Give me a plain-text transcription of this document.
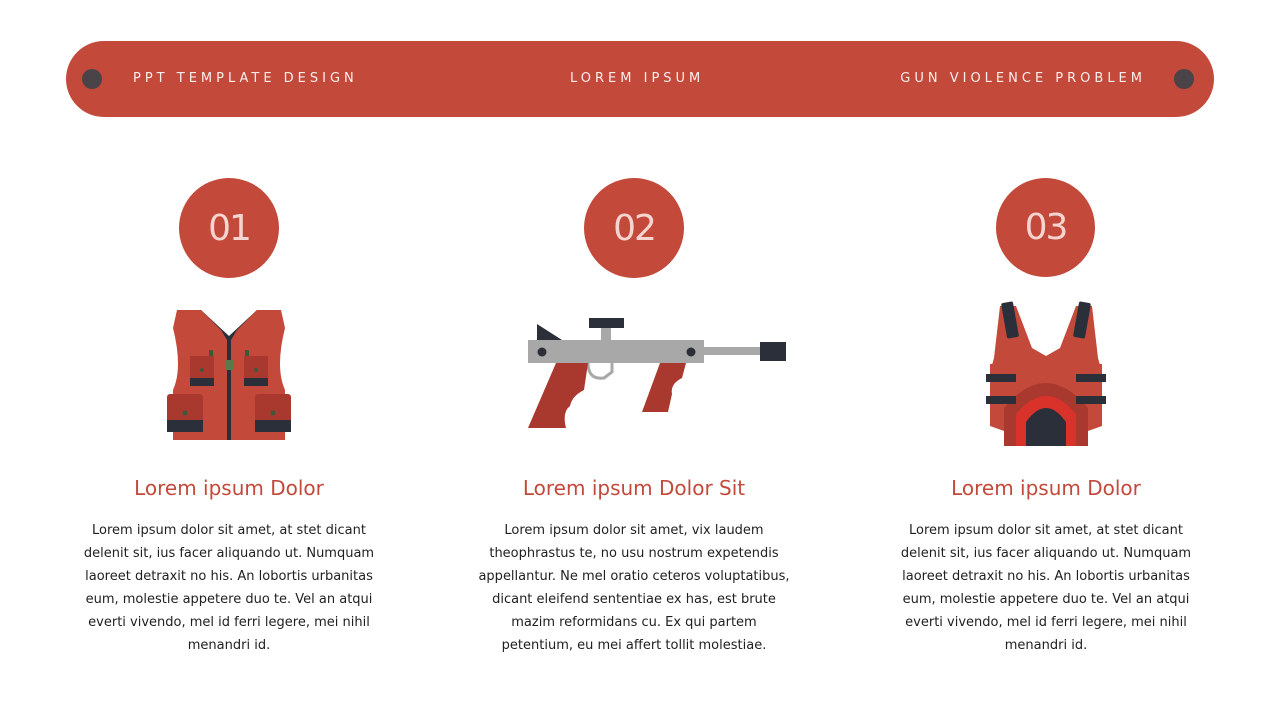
PPT TEMPLATE DESIGN	LOREM IPSUM	GUN VIOLENCE PROBLEM
01
Lorem ipsum Dolor
Lorem ipsum dolor sit amet, at stet dicant delenit sit, ius facer aliquando ut. Numquam laoreet detraxit no his. An lobortis urbanitas eum, molestie appetere duo te. Vel an atqui everti vivendo, mel id ferri legere, mei nihil menandri id.
02
Lorem ipsum Dolor Sit
Lorem ipsum dolor sit amet, vix laudem theophrastus te, no usu nostrum expetendis appellantur. Ne mel oratio ceteros voluptatibus, dicant eleifend sententiae ex has, est brute mazim reformidans cu. Ex qui partem petentium, eu mei affert tollit molestiae.
03
Lorem ipsum Dolor
Lorem ipsum dolor sit amet, at stet dicant delenit sit, ius facer aliquando ut. Numquam laoreet detraxit no his. An lobortis urbanitas eum, molestie appetere duo te. Vel an atqui everti vivendo, mel id ferri legere, mei nihil menandri id.
